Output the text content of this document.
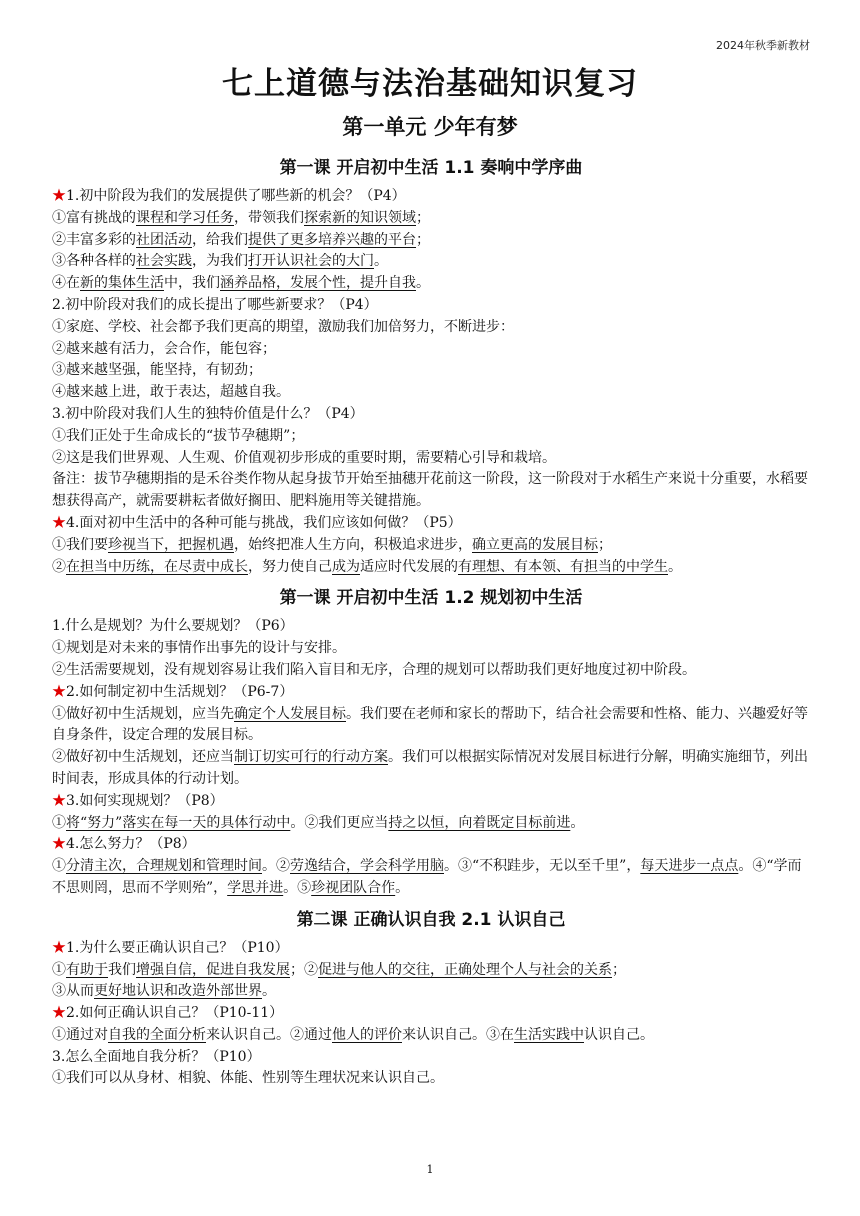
2024年秋季新教材
七上道德与法治基础知识复习
第一单元 少年有梦
第一课 开启初中生活 1.1 奏响中学序曲

★1.初中阶段为我们的发展提供了哪些新的机会？（P4）

①富有挑战的课程和学习任务，带领我们探索新的知识领域；

②丰富多彩的社团活动，给我们提供了更多培养兴趣的平台；

③各种各样的社会实践，为我们打开认识社会的大门。

④在新的集体生活中，我们涵养品格，发展个性，提升自我。

2.初中阶段对我们的成长提出了哪些新要求？（P4）

①家庭、学校、社会都予我们更高的期望，激励我们加倍努力，不断进步：

②越来越有活力，会合作，能包容；

③越来越坚强，能坚持，有韧劲；

④越来越上进，敢于表达，超越自我。

3.初中阶段对我们人生的独特价值是什么？（P4）

①我们正处于生命成长的“拔节孕穗期”；

②这是我们世界观、人生观、价值观初步形成的重要时期，需要精心引导和栽培。

备注：拔节孕穗期指的是禾谷类作物从起身拔节开始至抽穗开花前这一阶段，这一阶段对于水稻生产来说十分重要，水稻要想获得高产，就需要耕耘者做好搁田、肥料施用等关键措施。

★4.面对初中生活中的各种可能与挑战，我们应该如何做？（P5）

①我们要珍视当下，把握机遇，始终把准人生方向，积极追求进步，确立更高的发展目标；

②在担当中历练，在尽责中成长，努力使自己成为适应时代发展的有理想、有本领、有担当的中学生。

第一课 开启初中生活 1.2 规划初中生活

1.什么是规划？为什么要规划？（P6）

①规划是对未来的事情作出事先的设计与安排。

②生活需要规划，没有规划容易让我们陷入盲目和无序，合理的规划可以帮助我们更好地度过初中阶段。

★2.如何制定初中生活规划？（P6-7）

①做好初中生活规划，应当先确定个人发展目标。我们要在老师和家长的帮助下，结合社会需要和性格、能力、兴趣爱好等自身条件，设定合理的发展目标。

②做好初中生活规划，还应当制订切实可行的行动方案。我们可以根据实际情况对发展目标进行分解，明确实施细节，列出时间表，形成具体的行动计划。

★3.如何实现规划？（P8）

①将“努力”落实在每一天的具体行动中。②我们更应当持之以恒，向着既定目标前进。

★4.怎么努力？（P8）

①分清主次，合理规划和管理时间。②劳逸结合，学会科学用脑。③“不积跬步，无以至千里”，每天进步一点点。④“学而不思则罔，思而不学则殆”，学思并进。⑤珍视团队合作。

第二课 正确认识自我 2.1 认识自己

★1.为什么要正确认识自己？（P10）

①有助于我们增强自信，促进自我发展；②促进与他人的交往，正确处理个人与社会的关系；

③从而更好地认识和改造外部世界。

★2.如何正确认识自己？（P10-11）

①通过对自我的全面分析来认识自己。②通过他人的评价来认识自己。③在生活实践中认识自己。

3.怎么全面地自我分析？（P10）

①我们可以从身材、相貌、体能、性别等生理状况来认识自己。

1
